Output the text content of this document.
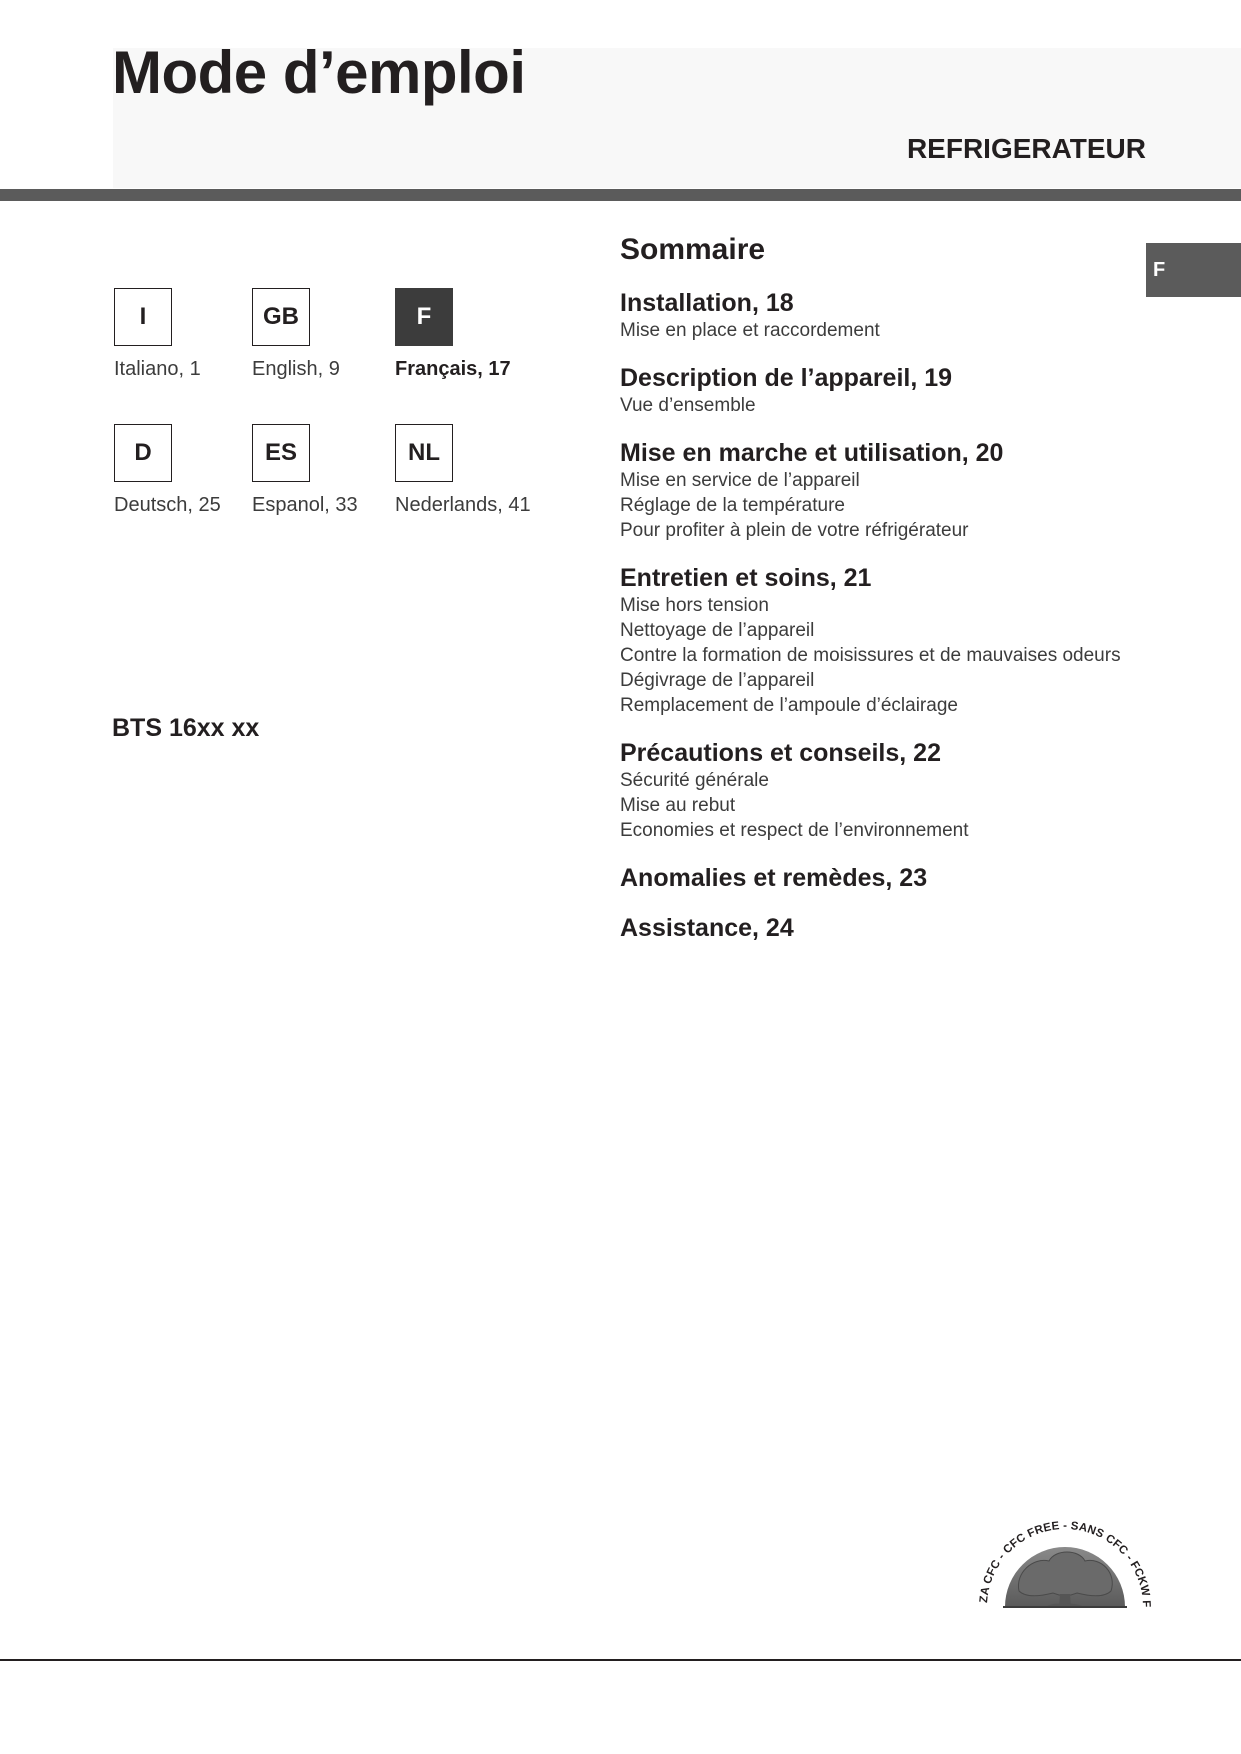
Mode d’emploi
REFRIGERATEUR
F
I
Italiano, 1
GB
English, 9
F
Français, 17
D
Deutsch, 25
ES
Espanol, 33
NL
Nederlands, 41
BTS 16xx xx
Sommaire
Installation, 18
Mise en place et raccordement
Description de l’appareil, 19
Vue d’ensemble
Mise en marche et utilisation, 20
Mise en service de l’appareil
Réglage de la température
Pour profiter à plein de votre réfrigérateur
Entretien et soins, 21
Mise hors tension
Nettoyage de l’appareil
Contre la formation de moisissures et de mauvaises odeurs
Dégivrage de l’appareil
Remplacement de l’ampoule d’éclairage
Précautions et conseils, 22
Sécurité générale
Mise au rebut
Economies et respect de l’environnement
Anomalies et remèdes, 23
Assistance, 24
ZA CFC - CFC FREE - SANS CFC - FCKW F
